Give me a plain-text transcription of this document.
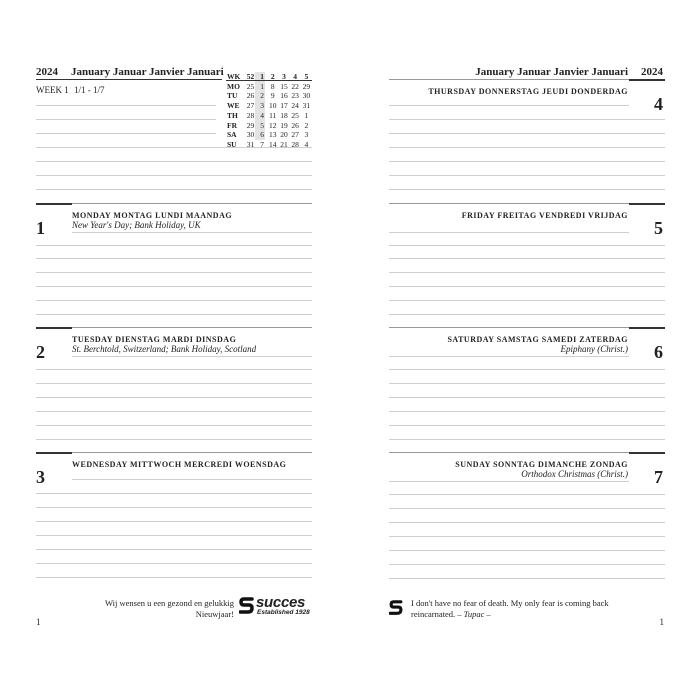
2024 January Januar Janvier Januari
WEEK 1 1/1 - 1/7
WK	52	1	2	3	4	5
MO	25	1	8	15	22	29
TU	26	2	9	16	23	30
WE	27	3	10	17	24	31
TH	28	4	11	18	25	1
FR	29	5	12	19	26	2
SA	30	6	13	20	27	3
SU	31	7	14	21	28	4
1
MONDAY MONTAG LUNDI MAANDAG
New Year's Day; Bank Holiday, UK
2
TUESDAY DIENSTAG MARDI DINSDAG
St. Berchtold, Switzerland; Bank Holiday, Scotland
3
WEDNESDAY MITTWOCH MERCREDI WOENSDAG
Wij wensen u een gezond en gelukkig
Nieuwjaar!
succes
Established 1928
1
January Januar Janvier Januari 2024
THURSDAY DONNERSTAG JEUDI DONDERDAG
4
FRIDAY FREITAG VENDREDI VRIJDAG
5
SATURDAY SAMSTAG SAMEDI ZATERDAG
Epiphany (Christ.) 6
SUNDAY SONNTAG DIMANCHE ZONDAG
Orthodox Christmas (Christ.) 7
I don't have no fear of death. My only fear is coming back
reincarnated. – Tupac –
1
